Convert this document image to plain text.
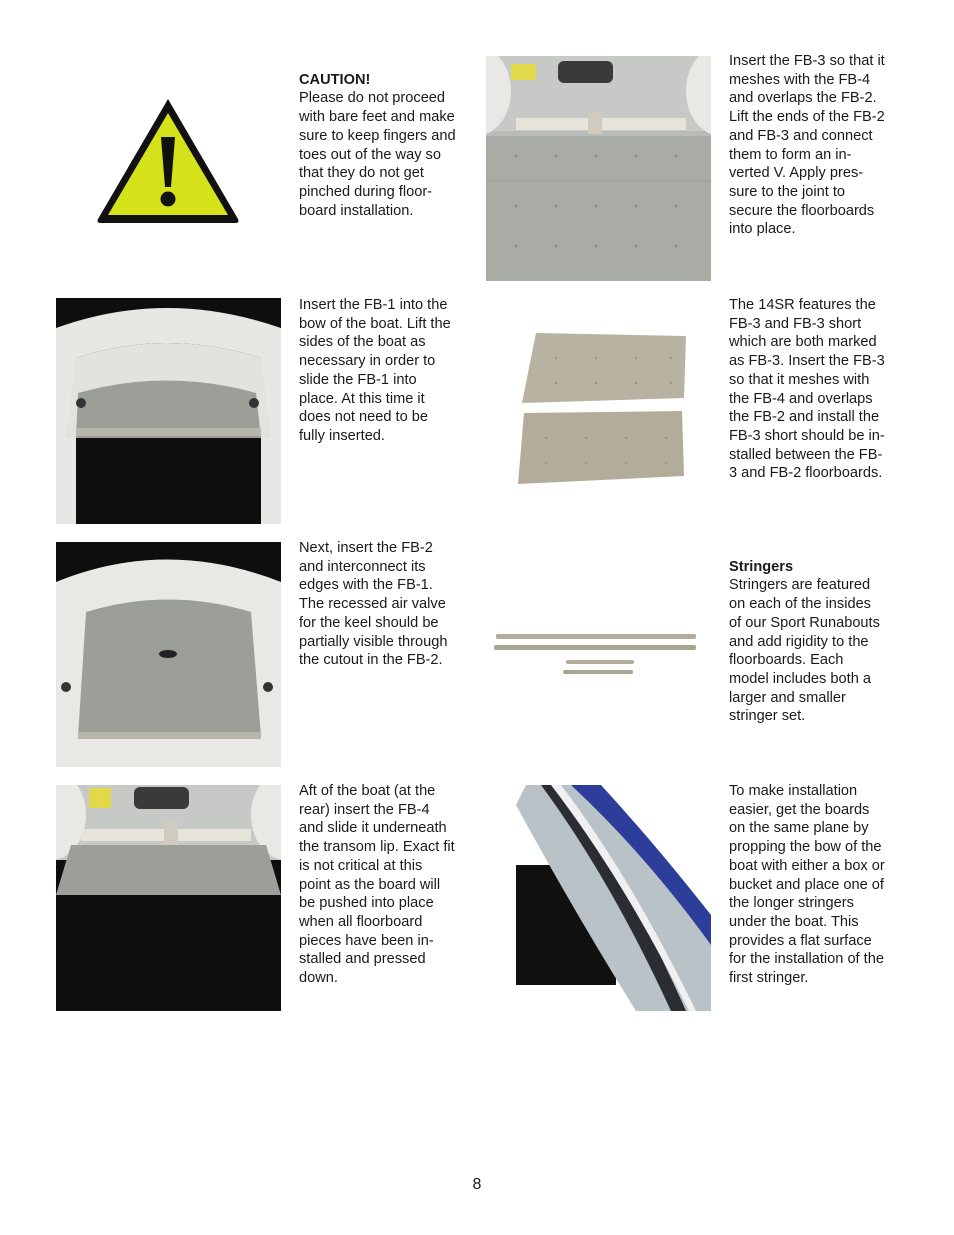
CAUTION!
Please do not proceed
with bare feet and make
sure to keep fingers and
toes out of the way so
that they do not get
pinched during floor-
board installation.

Insert the FB-3 so that it
meshes with the FB-4
and overlaps the FB-2.
Lift the ends of the FB-2
and FB-3 and connect
them to form an in-
verted V. Apply pres-
sure to the joint to
secure the floorboards
into place.

Insert the FB-1 into the
bow of the boat. Lift the
sides of the boat as
necessary in order to
slide the FB-1 into
place. At this time it
does not need to be
fully inserted.

The 14SR features the
FB-3 and FB-3 short
which are both marked
as FB-3. Insert the FB-3
so that it meshes with
the FB-4 and overlaps
the FB-2 and install the
FB-3 short should be in-
stalled between the FB-
3 and FB-2 floorboards.

Next, insert the FB-2
and interconnect its
edges with the FB-1.
The recessed air valve
for the keel should be
partially visible through
the cutout in the FB-2.

Stringers
Stringers are featured
on each of the insides
of our Sport Runabouts
and add rigidity to the
floorboards. Each
model includes both a
larger and smaller
stringer set.

Aft of the boat (at the
rear) insert the FB-4
and slide it underneath
the transom lip. Exact fit
is not critical at this
point as the board will
be pushed into place
when all floorboard
pieces have been in-
stalled and pressed
down.

To make installation
easier, get the boards
on the same plane by
propping the bow of the
boat with either a box or
bucket and place one of
the longer stringers
under the boat. This
provides a flat surface
for the installation of the
first stringer.

8
